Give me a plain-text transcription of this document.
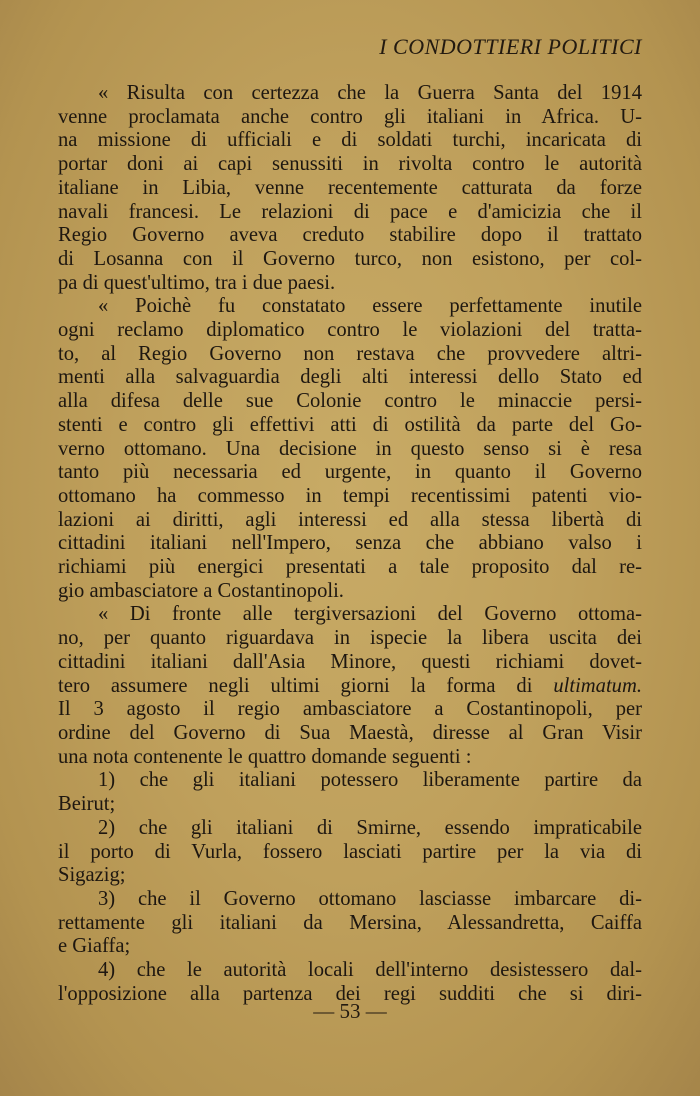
I CONDOTTIERI POLITICI
« Risulta con certezza che la Guerra Santa del 1914
venne proclamata anche contro gli italiani in Africa. U-
na missione di ufficiali e di soldati turchi, incaricata di
portar doni ai capi senussiti in rivolta contro le autorità
italiane in Libia, venne recentemente catturata da forze
navali francesi. Le relazioni di pace e d'amicizia che il
Regio Governo aveva creduto stabilire dopo il trattato
di Losanna con il Governo turco, non esistono, per col-
pa di quest'ultimo, tra i due paesi.
« Poichè fu constatato essere perfettamente inutile
ogni reclamo diplomatico contro le violazioni del tratta-
to, al Regio Governo non restava che provvedere altri-
menti alla salvaguardia degli alti interessi dello Stato ed
alla difesa delle sue Colonie contro le minaccie persi-
stenti e contro gli effettivi atti di ostilità da parte del Go-
verno ottomano. Una decisione in questo senso si è resa
tanto più necessaria ed urgente, in quanto il Governo
ottomano ha commesso in tempi recentissimi patenti vio-
lazioni ai diritti, agli interessi ed alla stessa libertà di
cittadini italiani nell'Impero, senza che abbiano valso i
richiami più energici presentati a tale proposito dal re-
gio ambasciatore a Costantinopoli.
« Di fronte alle tergiversazioni del Governo ottoma-
no, per quanto riguardava in ispecie la libera uscita dei
cittadini italiani dall'Asia Minore, questi richiami dovet-
tero assumere negli ultimi giorni la forma di ultimatum.
Il 3 agosto il regio ambasciatore a Costantinopoli, per
ordine del Governo di Sua Maestà, diresse al Gran Visir
una nota contenente le quattro domande seguenti :
1) che gli italiani potessero liberamente partire da
Beirut;
2) che gli italiani di Smirne, essendo impraticabile
il porto di Vurla, fossero lasciati partire per la via di
Sigazig;
3) che il Governo ottomano lasciasse imbarcare di-
rettamente gli italiani da Mersina, Alessandretta, Caiffa
e Giaffa;
4) che le autorità locali dell'interno desistessero dal-
l'opposizione alla partenza dei regi sudditi che si diri-
— 53 —
